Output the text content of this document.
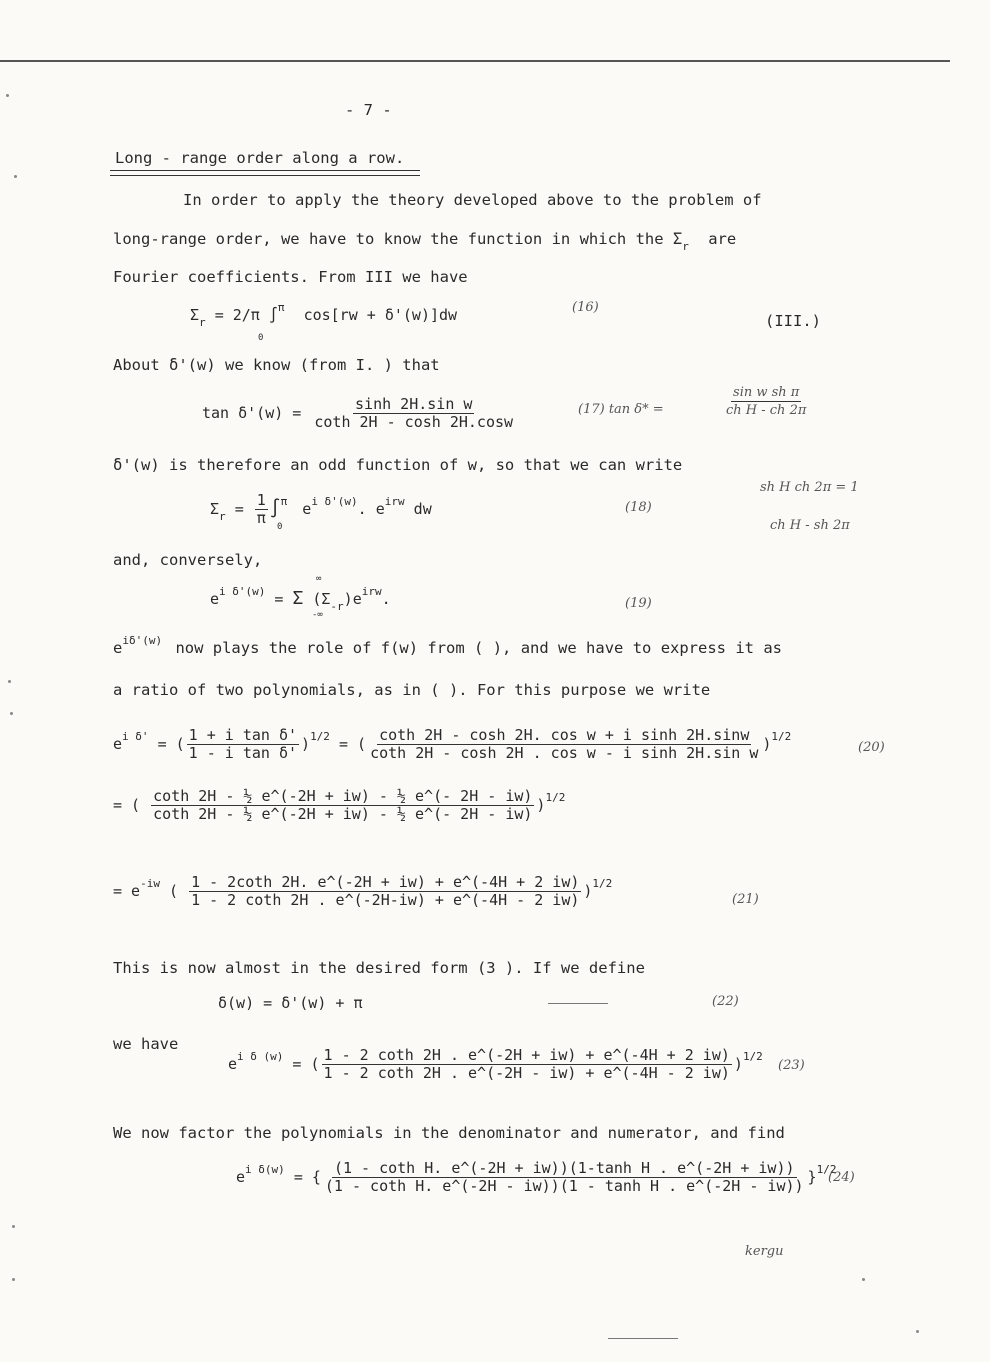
- 7 -
Long - range order along a row.
In order to apply the theory developed above to the problem of
long-range order, we have to know the function in which the $\Sigma_r$ are
Fourier coefficients. From III we have
$\Sigma_r = 2/\pi$ ∫$^\pi$ cos[rw + δ'(w)]dw
0
(16)
(III.)
About δ'(w) we know (from I. ) that
$\tan \delta'(w) = \frac{\text{sinh 2H.sin w}}{\cot h 2H - \cosh 2H.\cos w}$	(17) tan δ* =	$\frac{\text{sin w sh π}}{\text{ch H - ch 2π}}$
δ'(w) is therefore an odd function of w, so that we can write
$\Sigma_r = \frac{1}{\pi} \int^\pi$ $e^{i \delta'(w)}$. $e^{irw}$ dw
0
(18)
sh H ch 2π = 1
ch H - sh 2π
and, conversely,
$e^{i \delta'(w)} = \Sigma$ $(\Sigma_{-r})e^{irw}$.
∞
-∞
(19)
$e^{i\delta'(w)}$ now plays the role of f(w) from ( ), and we have to express it as
a ratio of two polynomials, as in ( ). For this purpose we write
$e^{i \delta'}$ = ( $\frac{\text{1 + i tan δ'}}{\text{1 - i tan δ'}} )^{1/2}$ = ( $\frac{\text{coth 2H - cosh 2H. cos w + i sinh 2H.sinw}}{\text{coth 2H - cosh 2H . cos w - i sinh 2H.sin w}} )^{1/2}$
(20)
= ( $\frac{\text{coth 2H - ½ e\textasciicircum{}(-2H + iw) - ½ e\textasciicircum{}(- 2H - iw)}}{\text{coth 2H - ½ e\textasciicircum{}(-2H + iw) - ½ e\textasciicircum{}(- 2H - iw)}} )^{1/2}$
= $e^{-iw}$ ( $\frac{1 - 2\cot h 2H. e\^{}(-2H + iw) + e\^{}(-4H + 2 iw)}{1 - 2 \cot h 2H . e\^{}(-2H-iw) + e\^{}(-4H - 2 iw)} )^{1/2}$
(21)
This is now almost in the desired form (3 ). If we define
δ(w) = δ'(w) + π	(22)
we have
$e^{i \delta (w)}$ = ( $\frac{1 - 2 \cot h 2H . e\^{}(-2H + iw) + e\^{}(-4H + 2 iw)}{1 - 2 \cot h 2H . e\^{}(-2H - iw) + e\^{}(-4H - 2 iw)} )^{1/2}$
(23)
We now factor the polynomials in the denominator and numerator, and find
$e^{i \delta(w)}$ = { $\frac{\text{(1 - coth H. e\textasciicircum{}(-2H + iw))(1-tanh H . e\textasciicircum{}(-2H + iw))}}{\text{(1 - coth H. e\textasciicircum{}(-2H - iw))(1 - tanh H . e\textasciicircum{}(-2H - iw))}} \}^{1/2}$
(24)
kergu
